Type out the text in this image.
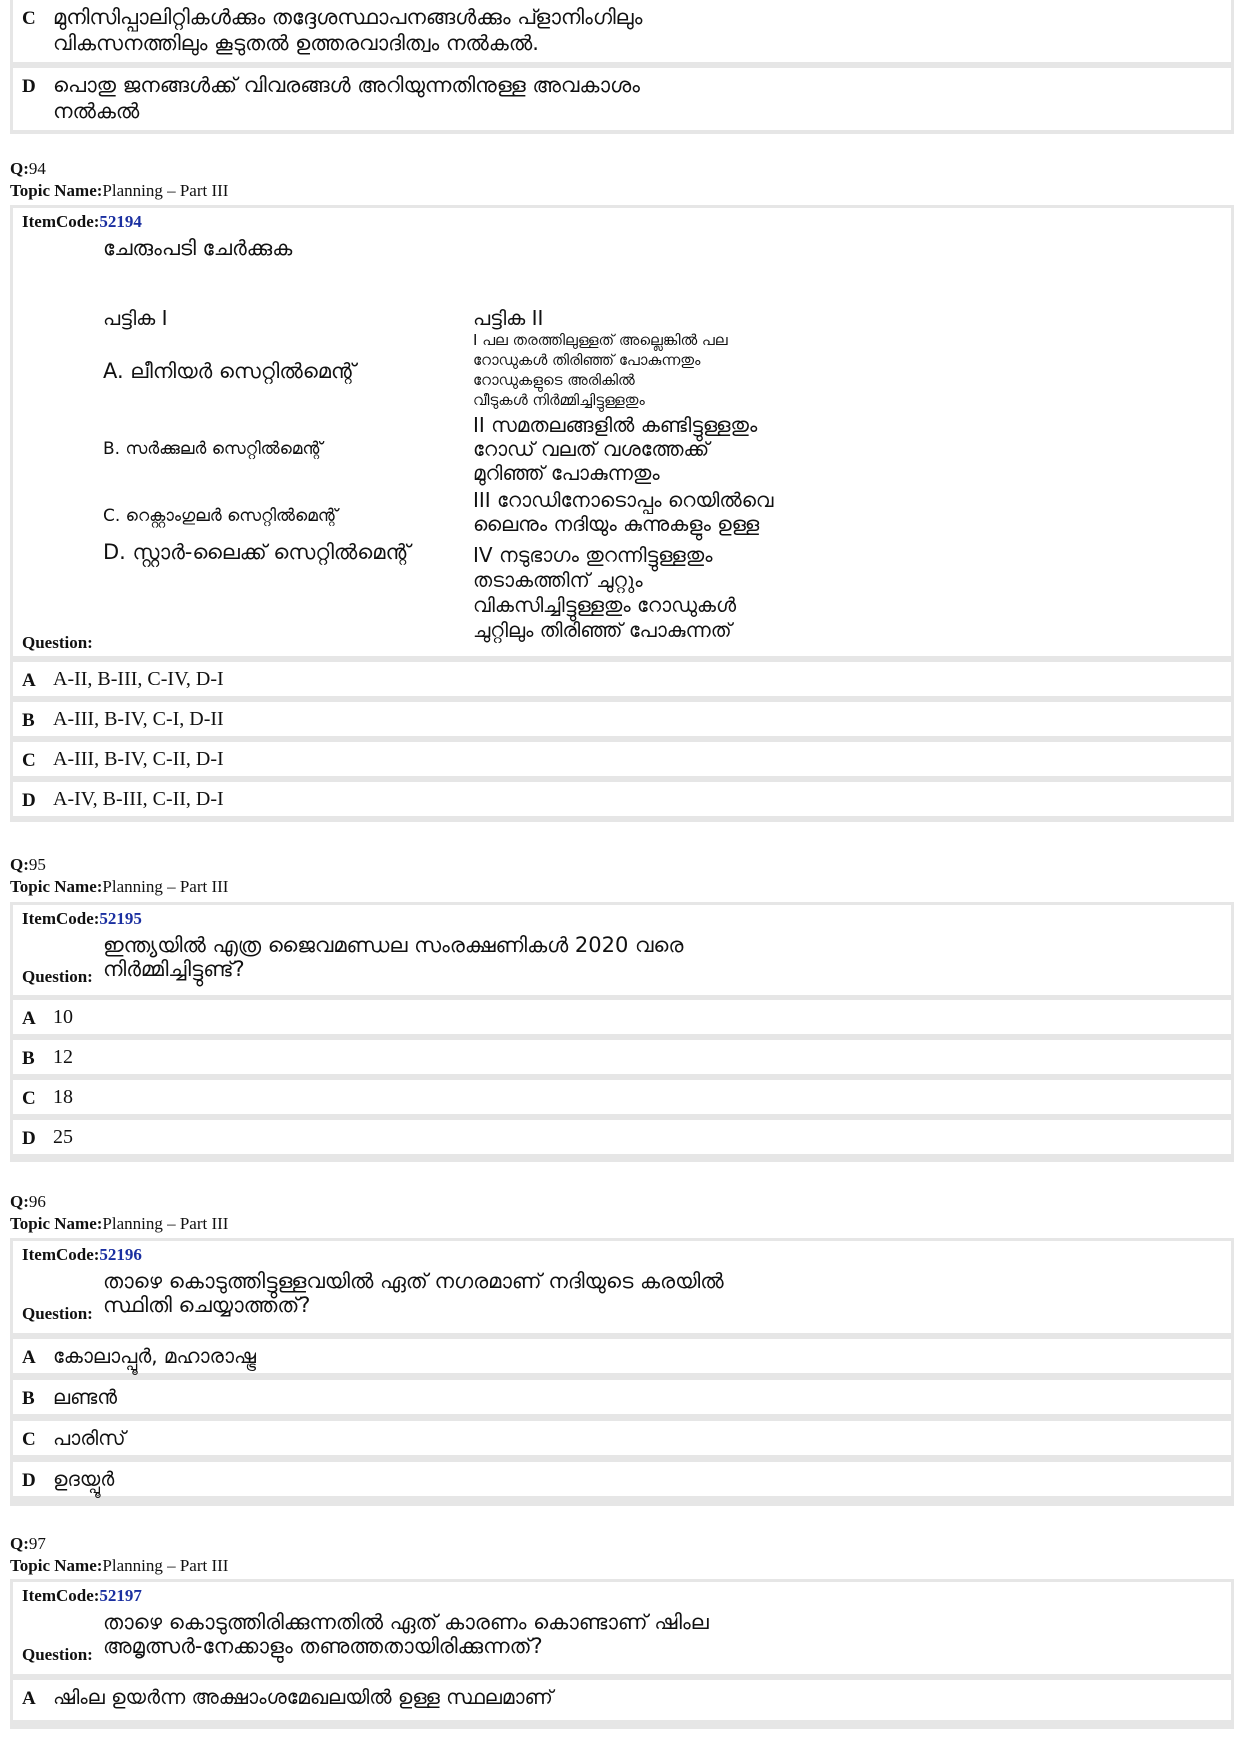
C മുനിസിപ്പാലിറ്റികൾക്കും തദ്ദേശസ്ഥാപനങ്ങൾക്കും പ്ളാനിംഗിലും
വികസനത്തിലും കൂടുതൽ ഉത്തരവാദിത്വം നൽകൽ.
D പൊതു ജനങ്ങൾക്ക് വിവരങ്ങൾ അറിയുന്നതിനുള്ള അവകാശം
നൽകൽ
Q:94
Topic Name:Planning – Part III
ItemCode:52194
ചേരുംപടി ചേർക്കുക
പട്ടിക I
A. ലീനിയർ സെറ്റിൽമെന്റ്
B. സർക്കുലർ സെറ്റിൽമെന്റ്
C. റെക്റ്റാംഗുലർ സെറ്റിൽമെന്റ്
D. സ്റ്റാർ-ലൈക്ക് സെറ്റിൽമെന്റ്
പട്ടിക II
I പല തരത്തിലുള്ളത് അല്ലെങ്കിൽ പല
റോഡുകൾ തിരിഞ്ഞ് പോകുന്നതും
റോഡുകളുടെ അരികിൽ
വീടുകൾ നിർമ്മിച്ചിട്ടുള്ളതും
II സമതലങ്ങളിൽ കണ്ടിട്ടുള്ളതും
റോഡ് വലത് വശത്തേക്ക്
മുറിഞ്ഞ് പോകുന്നതും
III റോഡിനോടൊപ്പം റെയിൽവെ
ലൈനും നദിയും കുന്നുകളും ഉള്ള
IV നടുഭാഗം തുറന്നിട്ടുള്ളതും
തടാകത്തിന് ചുറ്റും
വികസിച്ചിട്ടുള്ളതും റോഡുകൾ
ചുറ്റിലും തിരിഞ്ഞ് പോകുന്നത്
Question:
A A-II, B-III, C-IV, D-I
B A-III, B-IV, C-I, D-II
C A-III, B-IV, C-II, D-I
D A-IV, B-III, C-II, D-I
Q:95
Topic Name:Planning – Part III
ItemCode:52195
ഇന്ത്യയിൽ എത്ര ജൈവമണ്ഡല സംരക്ഷണികൾ 2020 വരെ
നിർമ്മിച്ചിട്ടുണ്ട്?
Question:
A 10
B 12
C 18
D 25
Q:96
Topic Name:Planning – Part III
ItemCode:52196
താഴെ കൊടുത്തിട്ടുള്ളവയിൽ ഏത് നഗരമാണ് നദിയുടെ കരയിൽ
സ്ഥിതി ചെയ്യാത്തത്?
Question:
A കോലാപ്പൂർ, മഹാരാഷ്ട്ര
B ലണ്ടൻ
C പാരിസ്
D ഉദയ്പൂർ
Q:97
Topic Name:Planning – Part III
ItemCode:52197
താഴെ കൊടുത്തിരിക്കുന്നതിൽ ഏത് കാരണം കൊണ്ടാണ് ഷിംല
അമൃത്സർ-നേക്കാളും തണുത്തതായിരിക്കുന്നത്?
Question:
A ഷിംല ഉയർന്ന അക്ഷാംശമേഖലയിൽ ഉള്ള സ്ഥലമാണ്
